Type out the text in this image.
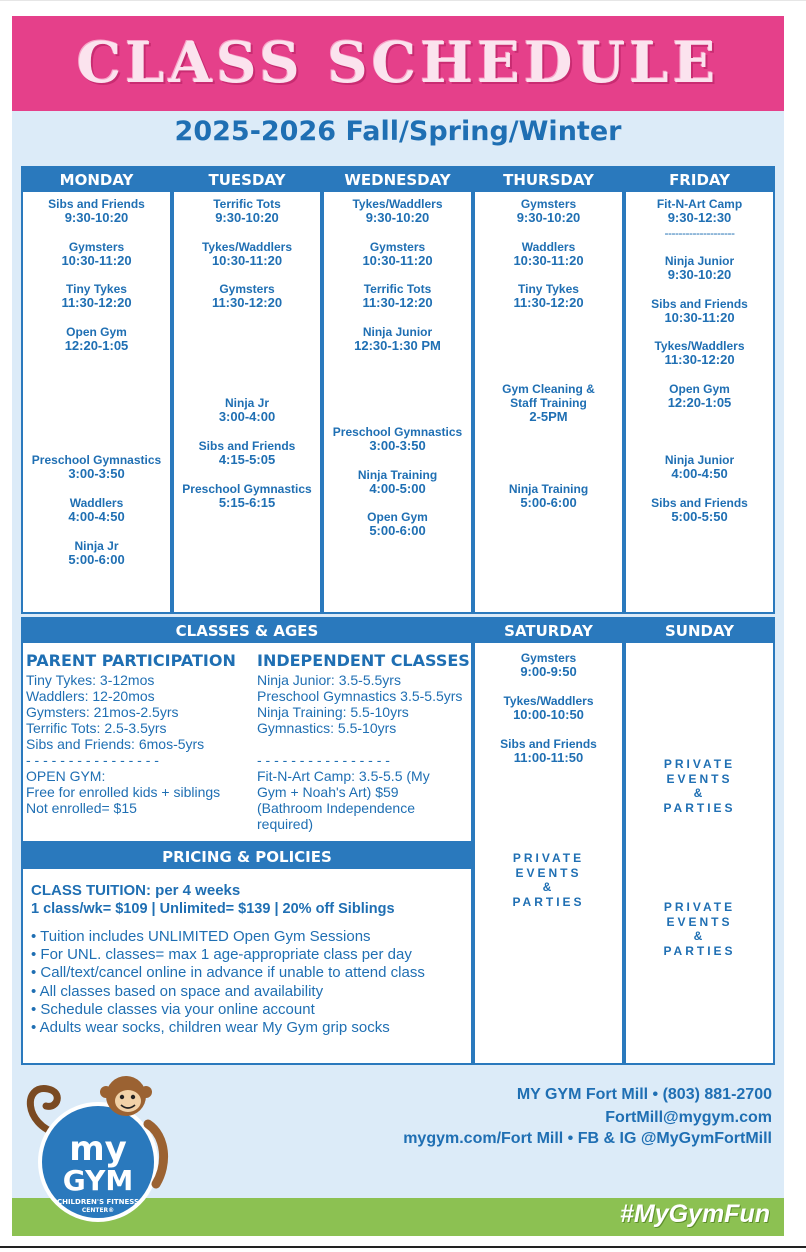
CLASS SCHEDULE
2025-2026 Fall/Spring/Winter
MONDAY
Sibs and Friends
9:30-10:20
Gymsters
10:30-11:20
Tiny Tykes
11:30-12:20
Open Gym
12:20-1:05
Preschool Gymnastics
3:00-3:50
Waddlers
4:00-4:50
Ninja Jr
5:00-6:00
TUESDAY
Terrific Tots
9:30-10:20
Tykes/Waddlers
10:30-11:20
Gymsters
11:30-12:20
Ninja Jr
3:00-4:00
Sibs and Friends
4:15-5:05
Preschool Gymnastics
5:15-6:15
WEDNESDAY
Tykes/Waddlers
9:30-10:20
Gymsters
10:30-11:20
Terrific Tots
11:30-12:20
Ninja Junior
12:30-1:30 PM
Preschool Gymnastics
3:00-3:50
Ninja Training
4:00-5:00
Open Gym
5:00-6:00
THURSDAY
Gymsters
9:30-10:20
Waddlers
10:30-11:20
Tiny Tykes
11:30-12:20
Gym Cleaning &
Staff Training
2-5PM
Ninja Training
5:00-6:00
FRIDAY
Fit-N-Art Camp
9:30-12:30
--------------------
Ninja Junior
9:30-10:20
Sibs and Friends
10:30-11:20
Tykes/Waddlers
11:30-12:20
Open Gym
12:20-1:05
Ninja Junior
4:00-4:50
Sibs and Friends
5:00-5:50
CLASSES & AGES
PARENT PARTICIPATION
Tiny Tykes: 3-12mos
Waddlers: 12-20mos
Gymsters: 21mos-2.5yrs
Terrific Tots: 2.5-3.5yrs
Sibs and Friends: 6mos-5yrs
- - - - - - - - - - - - - - - -
OPEN GYM:
Free for enrolled kids + siblings
Not enrolled= $15
INDEPENDENT CLASSES
Ninja Junior: 3.5-5.5yrs
Preschool Gymnastics 3.5-5.5yrs
Ninja Training: 5.5-10yrs
Gymnastics: 5.5-10yrs
- - - - - - - - - - - - - - - -
Fit-N-Art Camp: 3.5-5.5 (My
Gym + Noah's Art) $59
(Bathroom Independence
required)
PRICING & POLICIES
CLASS TUITION: per 4 weeks
1 class/wk= $109 | Unlimited= $139 | 20% off Siblings
• Tuition includes UNLIMITED Open Gym Sessions
• For UNL. classes= max 1 age-appropriate class per day
• Call/text/cancel online in advance if unable to attend class
• All classes based on space and availability
• Schedule classes via your online account
• Adults wear socks, children wear My Gym grip socks
SATURDAY
Gymsters
9:00-9:50
Tykes/Waddlers
10:00-10:50
Sibs and Friends
11:00-11:50
PRIVATE
EVENTS
&
PARTIES
SUNDAY
PRIVATE
EVENTS
&
PARTIES
PRIVATE
EVENTS
&
PARTIES
MY GYM Fort Mill • (803) 881-2700
FortMill@mygym.com
mygym.com/Fort Mill • FB & IG @MyGymFortMill
#MyGymFun
my
GYM
CHILDREN'S FITNESS
CENTER®
